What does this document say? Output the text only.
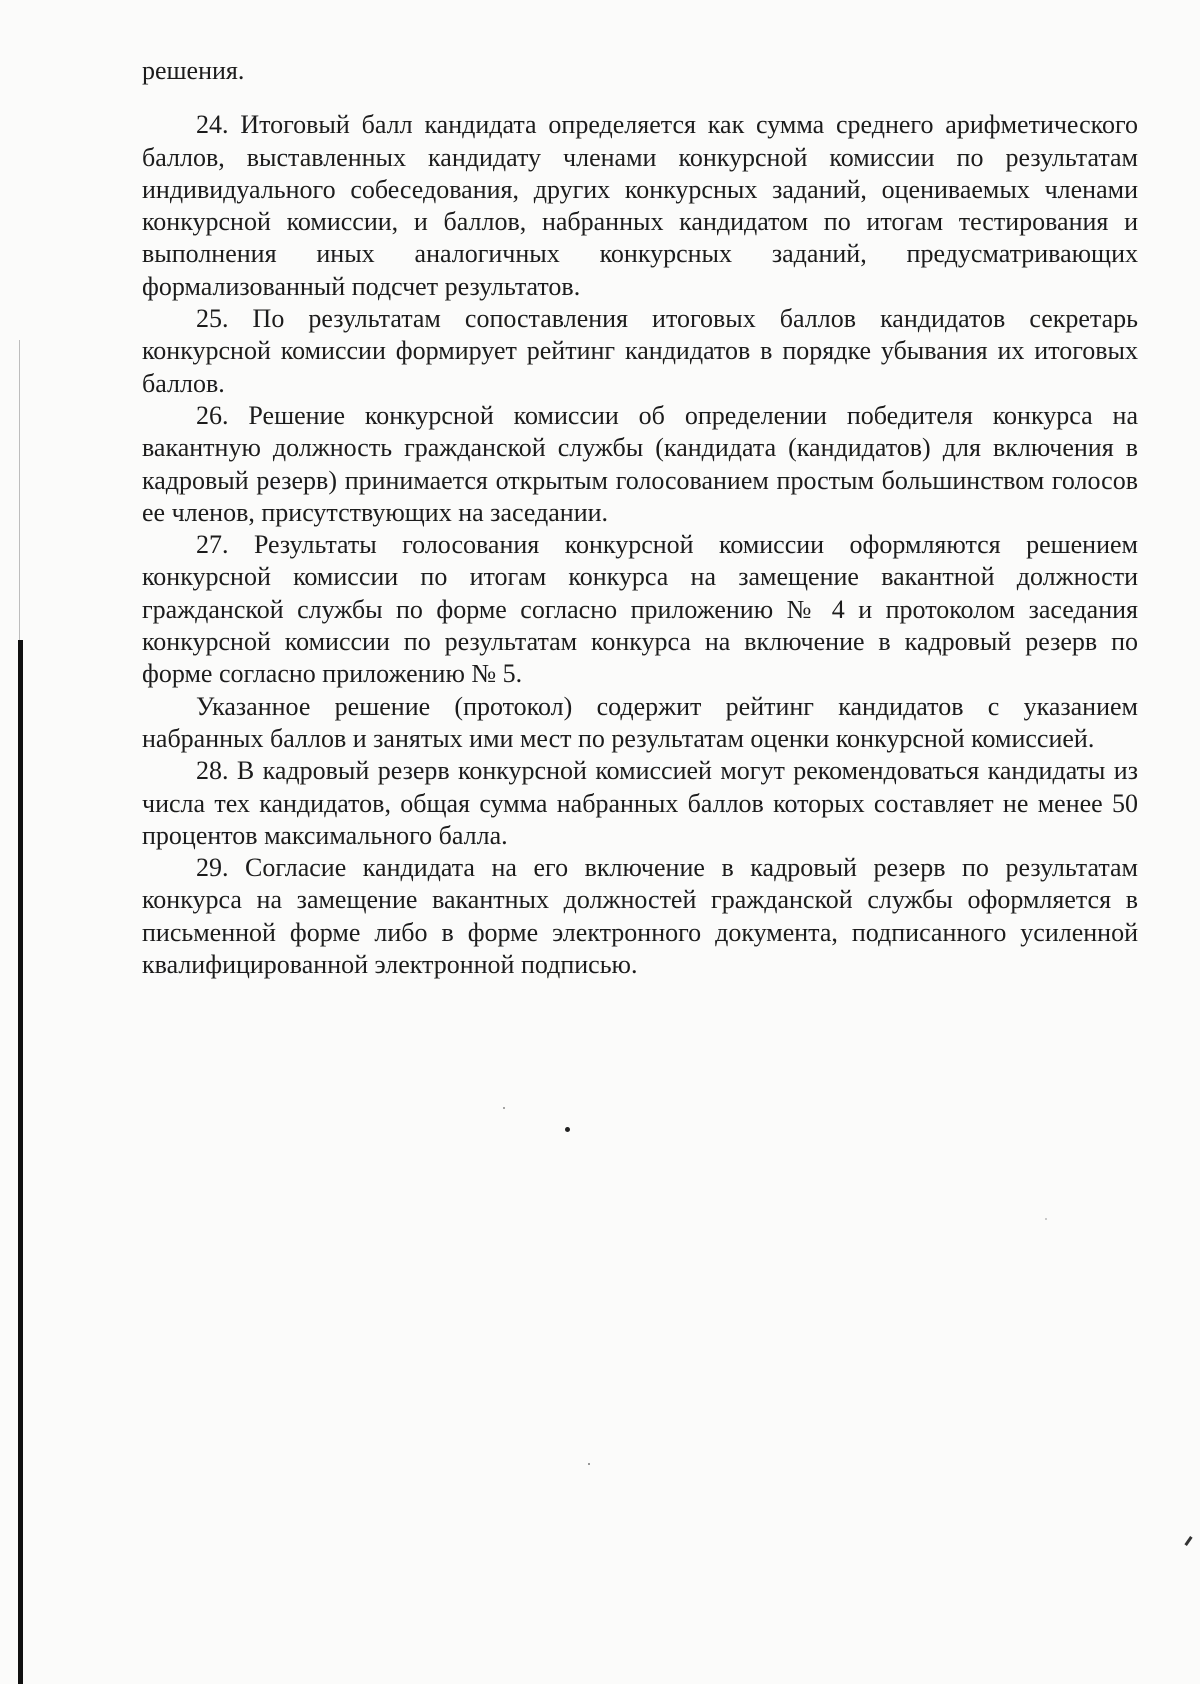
решения.

24. Итоговый балл кандидата определяется как сумма среднего арифметического баллов, выставленных кандидату членами конкурсной комиссии по результатам индивидуального собеседования, других конкурсных заданий, оцениваемых членами конкурсной комиссии, и баллов, набранных кандидатом по итогам тестирования и выполнения иных аналогичных конкурсных заданий, предусматривающих формализованный подсчет результатов.

25. По результатам сопоставления итоговых баллов кандидатов секретарь конкурсной комиссии формирует рейтинг кандидатов в порядке убывания их итоговых баллов.

26. Решение конкурсной комиссии об определении победителя конкурса на вакантную должность гражданской службы (кандидата (кандидатов) для включения в кадровый резерв) принимается открытым голосованием простым большинством голосов ее членов, присутствующих на заседании.

27. Результаты голосования конкурсной комиссии оформляются решением конкурсной комиссии по итогам конкурса на замещение вакантной должности гражданской службы по форме согласно приложению № 4 и протоколом заседания конкурсной комиссии по результатам конкурса на включение в кадровый резерв по форме согласно приложению № 5.

Указанное решение (протокол) содержит рейтинг кандидатов с указанием набранных баллов и занятых ими мест по результатам оценки конкурсной комиссией.

28. В кадровый резерв конкурсной комиссией могут рекомендоваться кандидаты из числа тех кандидатов, общая сумма набранных баллов которых составляет не менее 50 процентов максимального балла.

29. Согласие кандидата на его включение в кадровый резерв по результатам конкурса на замещение вакантных должностей гражданской службы оформляется в письменной форме либо в форме электронного документа, подписанного усиленной квалифицированной электронной подписью.
